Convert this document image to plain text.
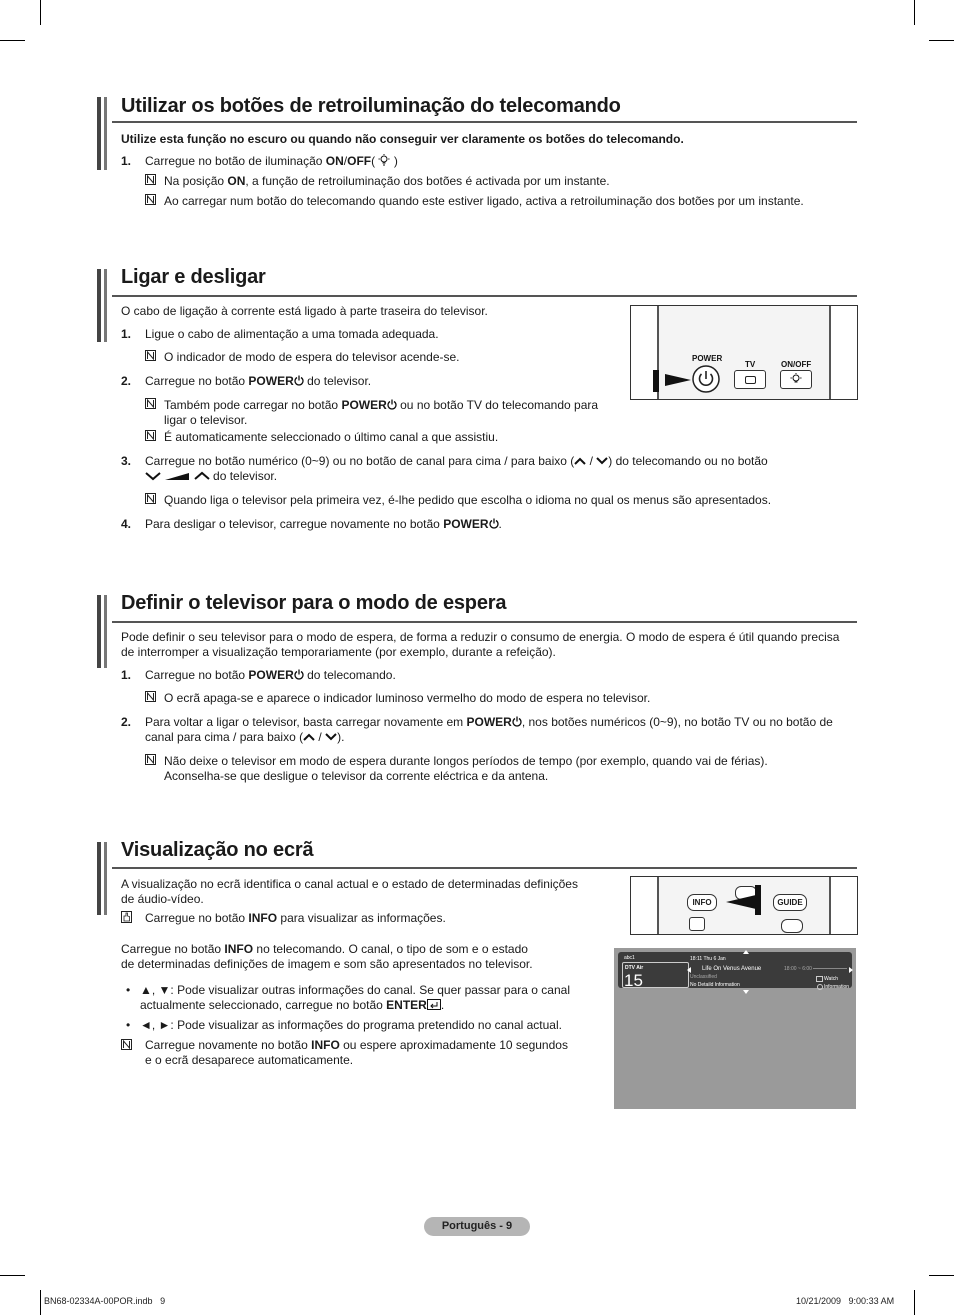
Utilizar os botões de retroiluminação do telecomando
Utilize esta função no escuro ou quando não conseguir ver claramente os botões do telecomando.
1. Carregue no botão de iluminação ON/OFF( )
Na posição ON, a função de retroiluminação dos botões é activada por um instante.
Ao carregar num botão do telecomando quando este estiver ligado, activa a retroiluminação dos botões por um instante.
Ligar e desligar
O cabo de ligação à corrente está ligado à parte traseira do televisor.
1. Ligue o cabo de alimentação a uma tomada adequada.
O indicador de modo de espera do televisor acende-se.
2. Carregue no botão POWER do televisor.
Também pode carregar no botão POWER ou no botão TV do telecomando para
ligar o televisor.
É automaticamente seleccionado o último canal a que assistiu.
3. Carregue no botão numérico (0~9) ou no botão de canal para cima / para baixo ( / ) do telecomando ou no botão
do televisor.
Quando liga o televisor pela primeira vez, é-lhe pedido que escolha o idioma no qual os menus são apresentados.
4. Para desligar o televisor, carregue novamente no botão POWER .
POWER
TV	ON/OFF
Definir o televisor para o modo de espera
Pode definir o seu televisor para o modo de espera, de forma a reduzir o consumo de energia. O modo de espera é útil quando precisa
de interromper a visualização temporariamente (por exemplo, durante a refeição).
1. Carregue no botão POWER do telecomando.
O ecrã apaga-se e aparece o indicador luminoso vermelho do modo de espera no televisor.
2. Para voltar a ligar o televisor, basta carregar novamente em POWER , nos botões numéricos (0~9), no botão TV ou no botão de
canal para cima / para baixo ( / ).
Não deixe o televisor em modo de espera durante longos períodos de tempo (por exemplo, quando vai de férias).
Aconselha-se que desligue o televisor da corrente eléctrica e da antena.
Visualização no ecrã
A visualização no ecrã identifica o canal actual e o estado de determinadas definições
de áudio-vídeo.
Carregue no botão INFO para visualizar as informações.
Carregue no botão INFO no telecomando. O canal, o tipo de som e o estado
de determinadas definições de imagem e som são apresentados no televisor.
• ▲, ▼: Pode visualizar outras informações do canal. Se quer passar para o canal
actualmente seleccionado, carregue no botão ENTER .
• ◄, ►: Pode visualizar as informações do programa pretendido no canal actual.
Carregue novamente no botão INFO ou espere aproximadamente 10 segundos
e o ecrã desaparece automaticamente.
INFO	GUIDE
abc1
DTV Air
15
18:11 Thu 6 Jan
Life On Venus Avenue
Unclassified
No Detaild Information
18:00 ~ 6:00
Watch
Information
Português - 9
BN68-02334A-00POR.indb   9	10/21/2009   9:00:33 AM
